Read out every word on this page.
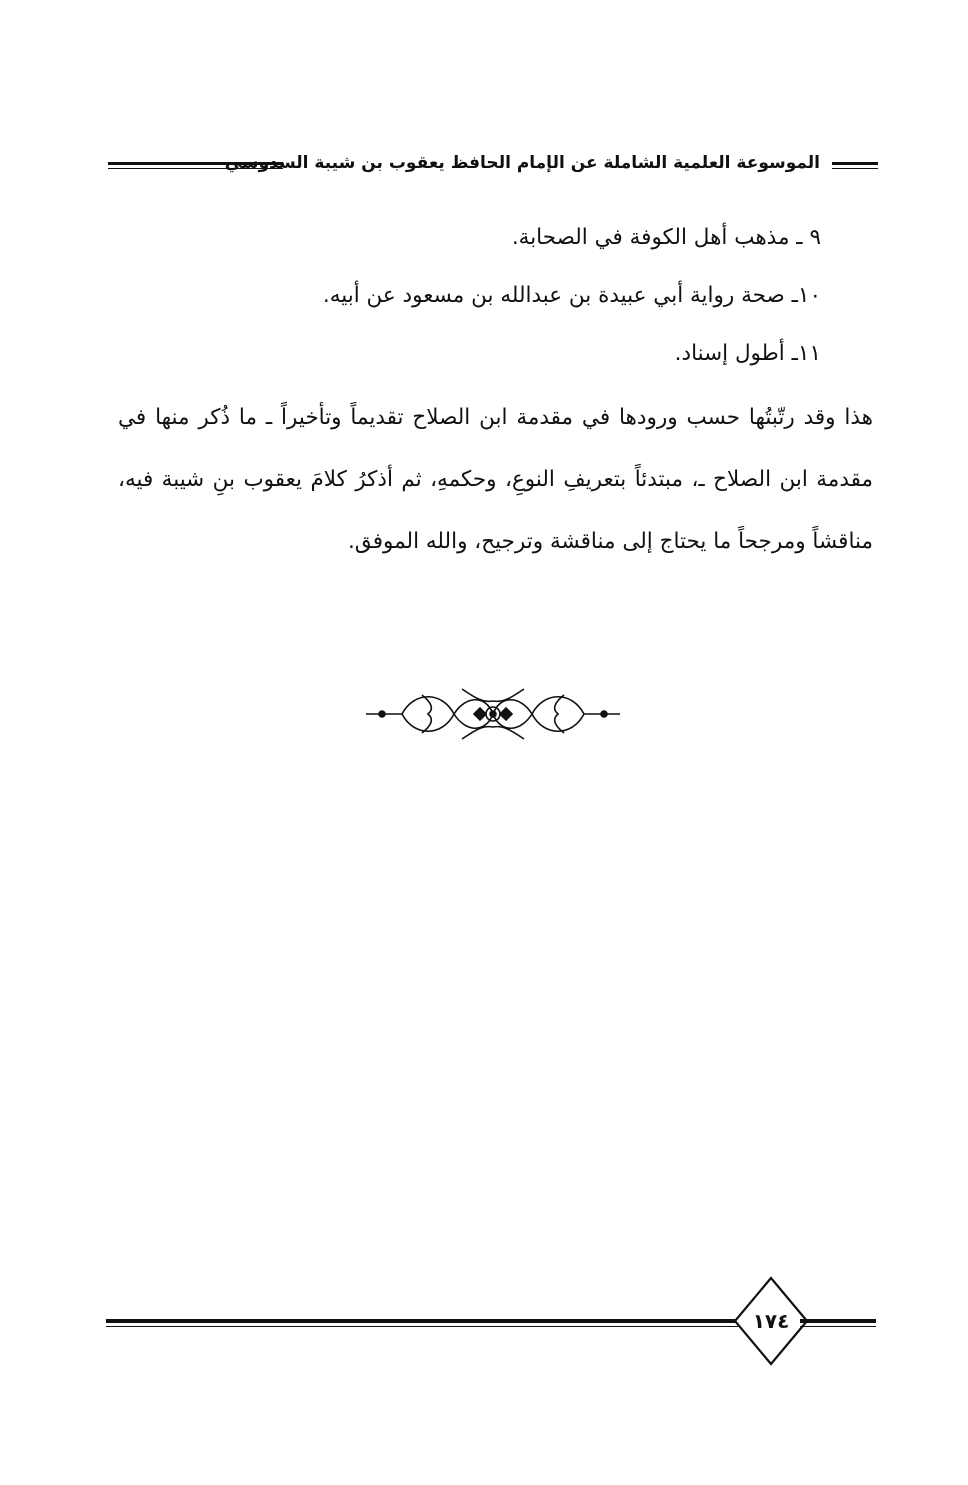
الموسوعة العلمية الشاملة عن الإمام الحافظ يعقوب بن شيبة السدوسي
٩ ـ مذهب أهل الكوفة في الصحابة.
١٠ـ صحة رواية أبي عبيدة بن عبدالله بن مسعود عن أبيه.
١١ـ أطول إسناد.
هذا وقد رتّبتُها حسب ورودها في مقدمة ابن الصلاح تقديماً وتأخيراً ـ ما ذُكر منها في مقدمة ابن الصلاح ـ، مبتدئاً بتعريفِ النوعِ، وحكمهِ، ثم أذكرُ كلامَ يعقوب بنِ شيبة فيه، مناقشاً ومرجحاً ما يحتاج إلى مناقشة وترجيح، والله الموفق.
١٧٤
